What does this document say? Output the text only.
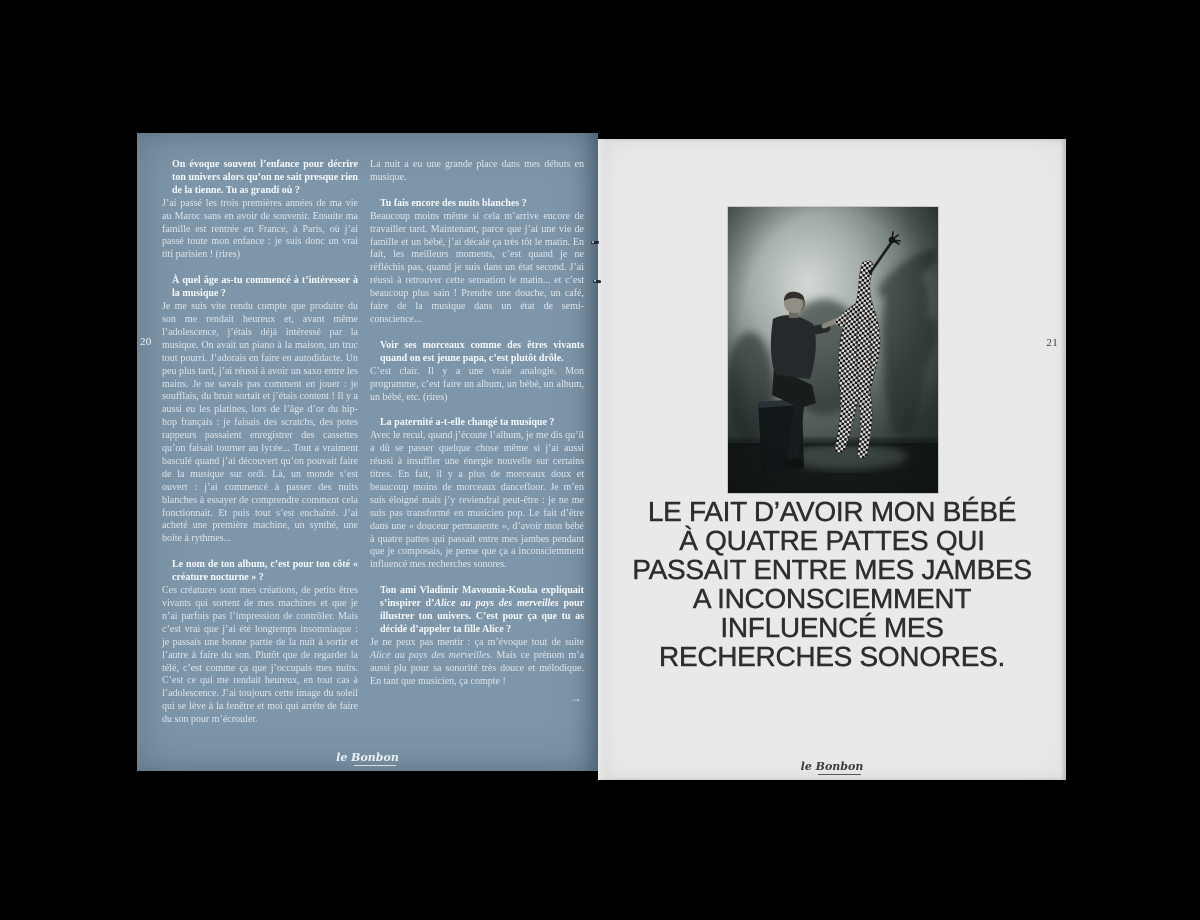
20

On évoque souvent l’enfance pour décrire ton univers alors qu’on ne sait presque rien de la tienne. Tu as grandi où ?

J’ai passé les trois premières années de ma vie au Maroc sans en avoir de souvenir. Ensuite ma famille est rentrée en France, à Paris, où j’ai passé toute mon enfance : je suis donc un vrai titi parisien ! (rires)

À quel âge as-tu commencé à t’intéresser à la musique ?

Je me suis vite rendu compte que produire du son me rendait heureux et, avant même l’adolescence, j’étais déjà intéressé par la musique. On avait un piano à la maison, un truc tout pourri. J’adorais en faire en autodidacte. Un peu plus tard, j’ai réussi à avoir un saxo entre les mains. Je ne savais pas comment en jouer : je soufflais, du bruit sortait et j’étais content ! Il y a aussi eu les platines, lors de l’âge d’or du hip-hop français : je faisais des scratchs, des potes rappeurs passaient enregistrer des cassettes qu’on faisait tourner au lycée... Tout a vraiment basculé quand j’ai découvert qu’on pouvait faire de la musique sur ordi. Là, un monde s’est ouvert : j’ai commencé à passer des nuits blanches à essayer de comprendre comment cela fonctionnait. Et puis tout s’est enchaîné. J’ai acheté une première machine, un synthé, une boîte à rythmes...

Le nom de ton album, c’est pour ton côté « créature nocturne » ?

Ces créatures sont mes créations, de petits êtres vivants qui sortent de mes machines et que je n’ai parfois pas l’impression de contrôler. Mais c’est vrai que j’ai été longtemps insomniaque : je passais une bonne partie de la nuit à sortir et l’autre à faire du son. Plutôt que de regarder la télé, c’est comme ça que j’occupais mes nuits. C’est ce qui me rendait heureux, en tout cas à l’adolescence. J’ai toujours cette image du soleil qui se lève à la fenêtre et moi qui arrête de faire du son pour m’écrouler.

La nuit a eu une grande place dans mes débuts en musique.

Tu fais encore des nuits blanches ?

Beaucoup moins même si cela m’arrive encore de travailler tard. Maintenant, parce que j’ai une vie de famille et un bébé, j’ai décalé ça très tôt le matin. En fait, les meilleurs moments, c’est quand je ne réfléchis pas, quand je suis dans un état second. J’ai réussi à retrouver cette sensation le matin... et c’est beaucoup plus sain ! Prendre une douche, un café, faire de la musique dans un état de semi-conscience...

Voir ses morceaux comme des êtres vivants quand on est jeune papa, c’est plutôt drôle.

C’est clair. Il y a une vraie analogie. Mon programme, c’est faire un album, un bébé, un album, un bébé, etc. (rires)

La paternité a-t-elle changé ta musique ?

Avec le recul, quand j’écoute l’album, je me dis qu’il a dû se passer quelque chose même si j’ai aussi réussi à insuffler une énergie nouvelle sur certains titres. En fait, il y a plus de morceaux doux et beaucoup moins de morceaux dancefloor. Je m’en suis éloigné mais j’y reviendrai peut-être : je ne me suis pas transformé en musicien pop. Le fait d’être dans une « douceur permanente », d’avoir mon bébé à quatre pattes qui passait entre mes jambes pendant que je composais, je pense que ça a inconsciemment influencé mes recherches sonores.

Ton ami Vladimir Mavounia-Kouka expliquait s’inspirer d’Alice au pays des merveilles pour illustrer ton univers. C’est pour ça que tu as décidé d’appeler ta fille Alice ?

Je ne peux pas mentir : ça m’évoque tout de suite Alice au pays des merveilles. Mais ce prénom m’a aussi plu pour sa sonorité très douce et mélodique. En tant que musicien, ça compte !

→

le Bonbon
21
LE FAIT D’AVOIR MON BÉBÉ
À QUATRE PATTES QUI
PASSAIT ENTRE MES JAMBES
A INCONSCIEMMENT
INFLUENCÉ MES
RECHERCHES SONORES.
le Bonbon
